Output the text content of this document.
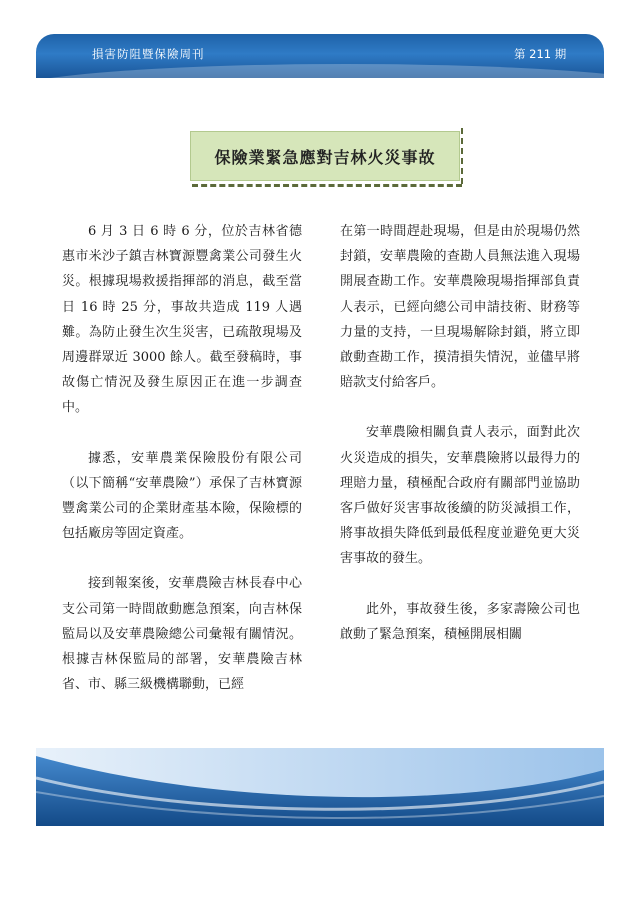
損害防阻暨保險周刊	第 211 期
保險業緊急應對吉林火災事故

6 月 3 日 6 時 6 分，位於吉林省德惠市米沙子鎮吉林寶源豐禽業公司發生火災。根據現場救援指揮部的消息，截至當日 16 時 25 分，事故共造成 119 人遇難。為防止發生次生災害，已疏散現場及周邊群眾近 3000 餘人。截至發稿時，事故傷亡情況及發生原因正在進一步調查中。

據悉，安華農業保險股份有限公司（以下簡稱“安華農險”）承保了吉林寶源豐禽業公司的企業財產基本險，保險標的包括廠房等固定資產。

接到報案後，安華農險吉林長春中心支公司第一時間啟動應急預案，向吉林保監局以及安華農險總公司彙報有關情況。根據吉林保監局的部署，安華農險吉林省、市、縣三級機構聯動，已經

在第一時間趕赴現場，但是由於現場仍然封鎖，安華農險的查勘人員無法進入現場開展查勘工作。安華農險現場指揮部負責人表示，已經向總公司申請技術、財務等力量的支持，一旦現場解除封鎖，將立即啟動查勘工作，摸清損失情況，並儘早將賠款支付給客戶。

安華農險相關負責人表示，面對此次火災造成的損失，安華農險將以最得力的理賠力量，積極配合政府有關部門並協助客戶做好災害事故後續的防災減損工作，將事故損失降低到最低程度並避免更大災害事故的發生。

此外，事故發生後，多家壽險公司也啟動了緊急預案，積極開展相關
